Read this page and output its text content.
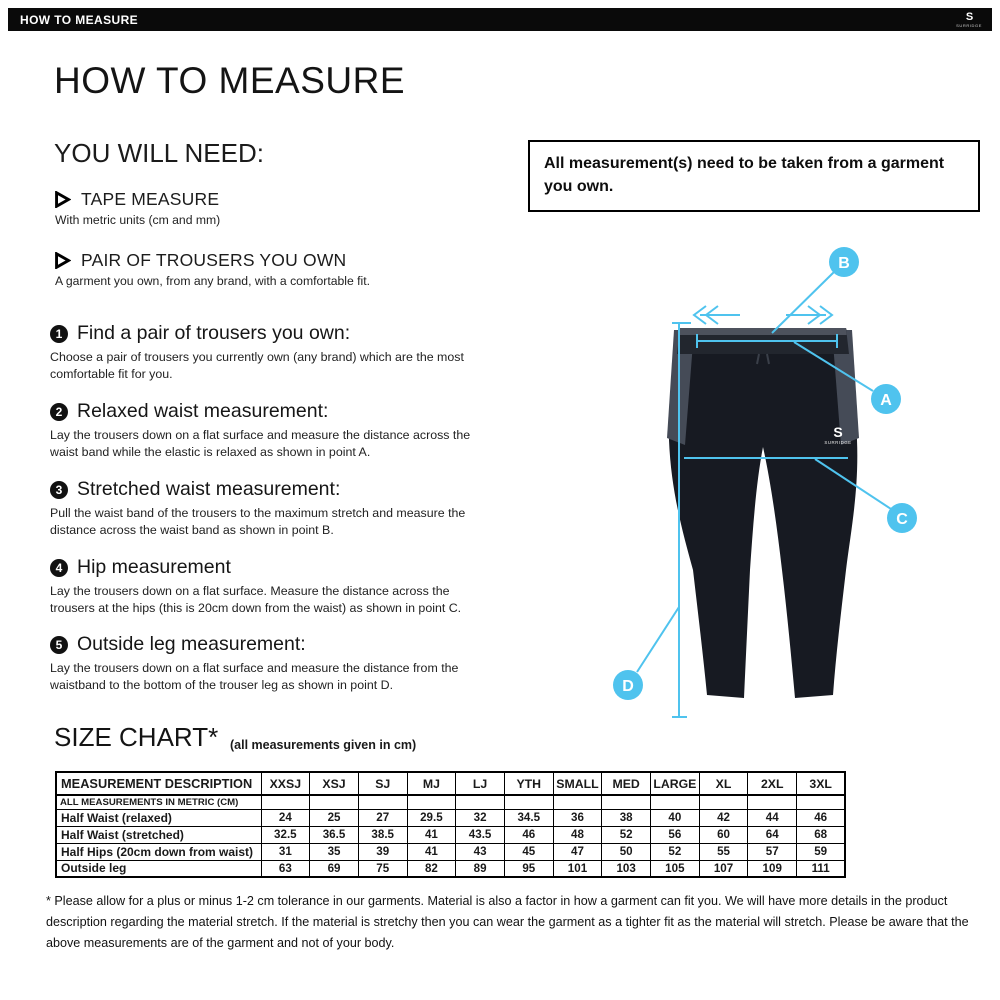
HOW TO MEASURE	S
SURRIDGE
HOW TO MEASURE
YOU WILL NEED:
TAPE MEASURE
With metric units (cm and mm)
PAIR OF TROUSERS YOU OWN
A garment you own, from any brand, with a comfortable fit.
All measurement(s) need to be taken from a garment you own.
1 Find a pair of trousers you own:
Choose a pair of trousers you currently own (any brand) which are the most comfortable fit for you.
2 Relaxed waist measurement:
Lay the trousers down on a flat surface and measure the distance across the waist band while the elastic is relaxed as shown in point A.
3 Stretched waist measurement:
Pull the waist band of the trousers to the maximum stretch and measure the distance across the waist band as shown in point B.
4 Hip measurement
Lay the trousers down on a flat surface. Measure the distance across the trousers at the hips (this is 20cm down from the waist) as shown in point C.
5 Outside leg measurement:
Lay the trousers down on a flat surface and measure the distance from the waistband to the bottom of the trouser leg as shown in point D.
S
SURRIDGE
B
A
C
D
SIZE CHART* (all measurements given in cm)
MEASUREMENT DESCRIPTION	XXSJ	XSJ	SJ	MJ	LJ	YTH	SMALL	MED	LARGE	XL	2XL	3XL
ALL MEASUREMENTS IN METRIC (CM)												
Half Waist (relaxed)	24	25	27	29.5	32	34.5	36	38	40	42	44	46
Half Waist (stretched)	32.5	36.5	38.5	41	43.5	46	48	52	56	60	64	68
Half Hips (20cm down from waist)	31	35	39	41	43	45	47	50	52	55	57	59
Outside leg	63	69	75	82	89	95	101	103	105	107	109	111
* Please allow for a plus or minus 1-2 cm tolerance in our garments. Material is also a factor in how a garment can fit you. We will have more details in the product description regarding the material stretch. If the material is stretchy then you can wear the garment as a tighter fit as the material will stretch. Please be aware that the above measurements are of the garment and not of your body.
